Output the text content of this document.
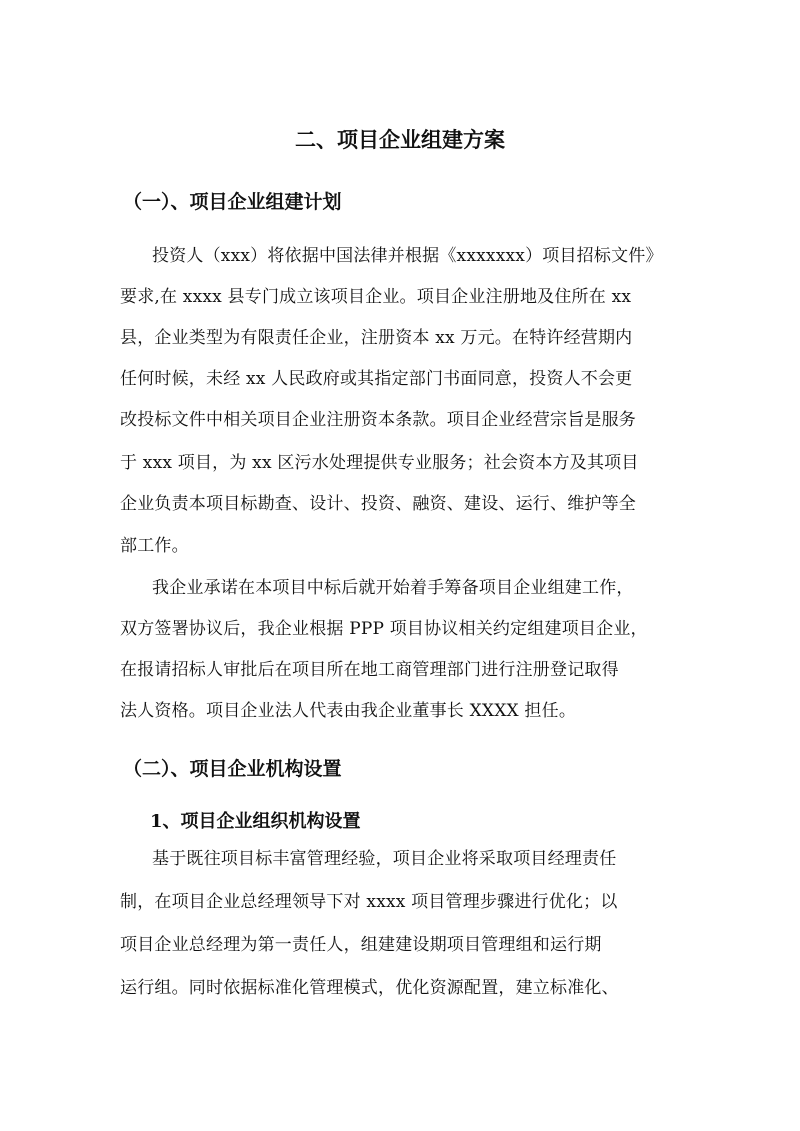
二、项目企业组建方案
（一）、项目企业组建计划
投资人（xxx）将依据中国法律并根据《xxxxxxx）项目招标文件》
要求,在 xxxx 县专门成立该项目企业。项目企业注册地及住所在 xx
县，企业类型为有限责任企业，注册资本 xx 万元。在特许经营期内
任何时候，未经 xx 人民政府或其指定部门书面同意，投资人不会更
改投标文件中相关项目企业注册资本条款。项目企业经营宗旨是服务
于 xxx 项目，为 xx 区污水处理提供专业服务；社会资本方及其项目
企业负责本项目标勘查、设计、投资、融资、建设、运行、维护等全
部工作。
我企业承诺在本项目中标后就开始着手筹备项目企业组建工作，
双方签署协议后，我企业根据 PPP 项目协议相关约定组建项目企业，
在报请招标人审批后在项目所在地工商管理部门进行注册登记取得
法人资格。项目企业法人代表由我企业董事长 XXXX 担任。
（二）、项目企业机构设置
1、项目企业组织机构设置
基于既往项目标丰富管理经验，项目企业将采取项目经理责任
制，在项目企业总经理领导下对 xxxx 项目管理步骤进行优化；以
项目企业总经理为第一责任人，组建建设期项目管理组和运行期
运行组。同时依据标准化管理模式，优化资源配置，建立标准化、
